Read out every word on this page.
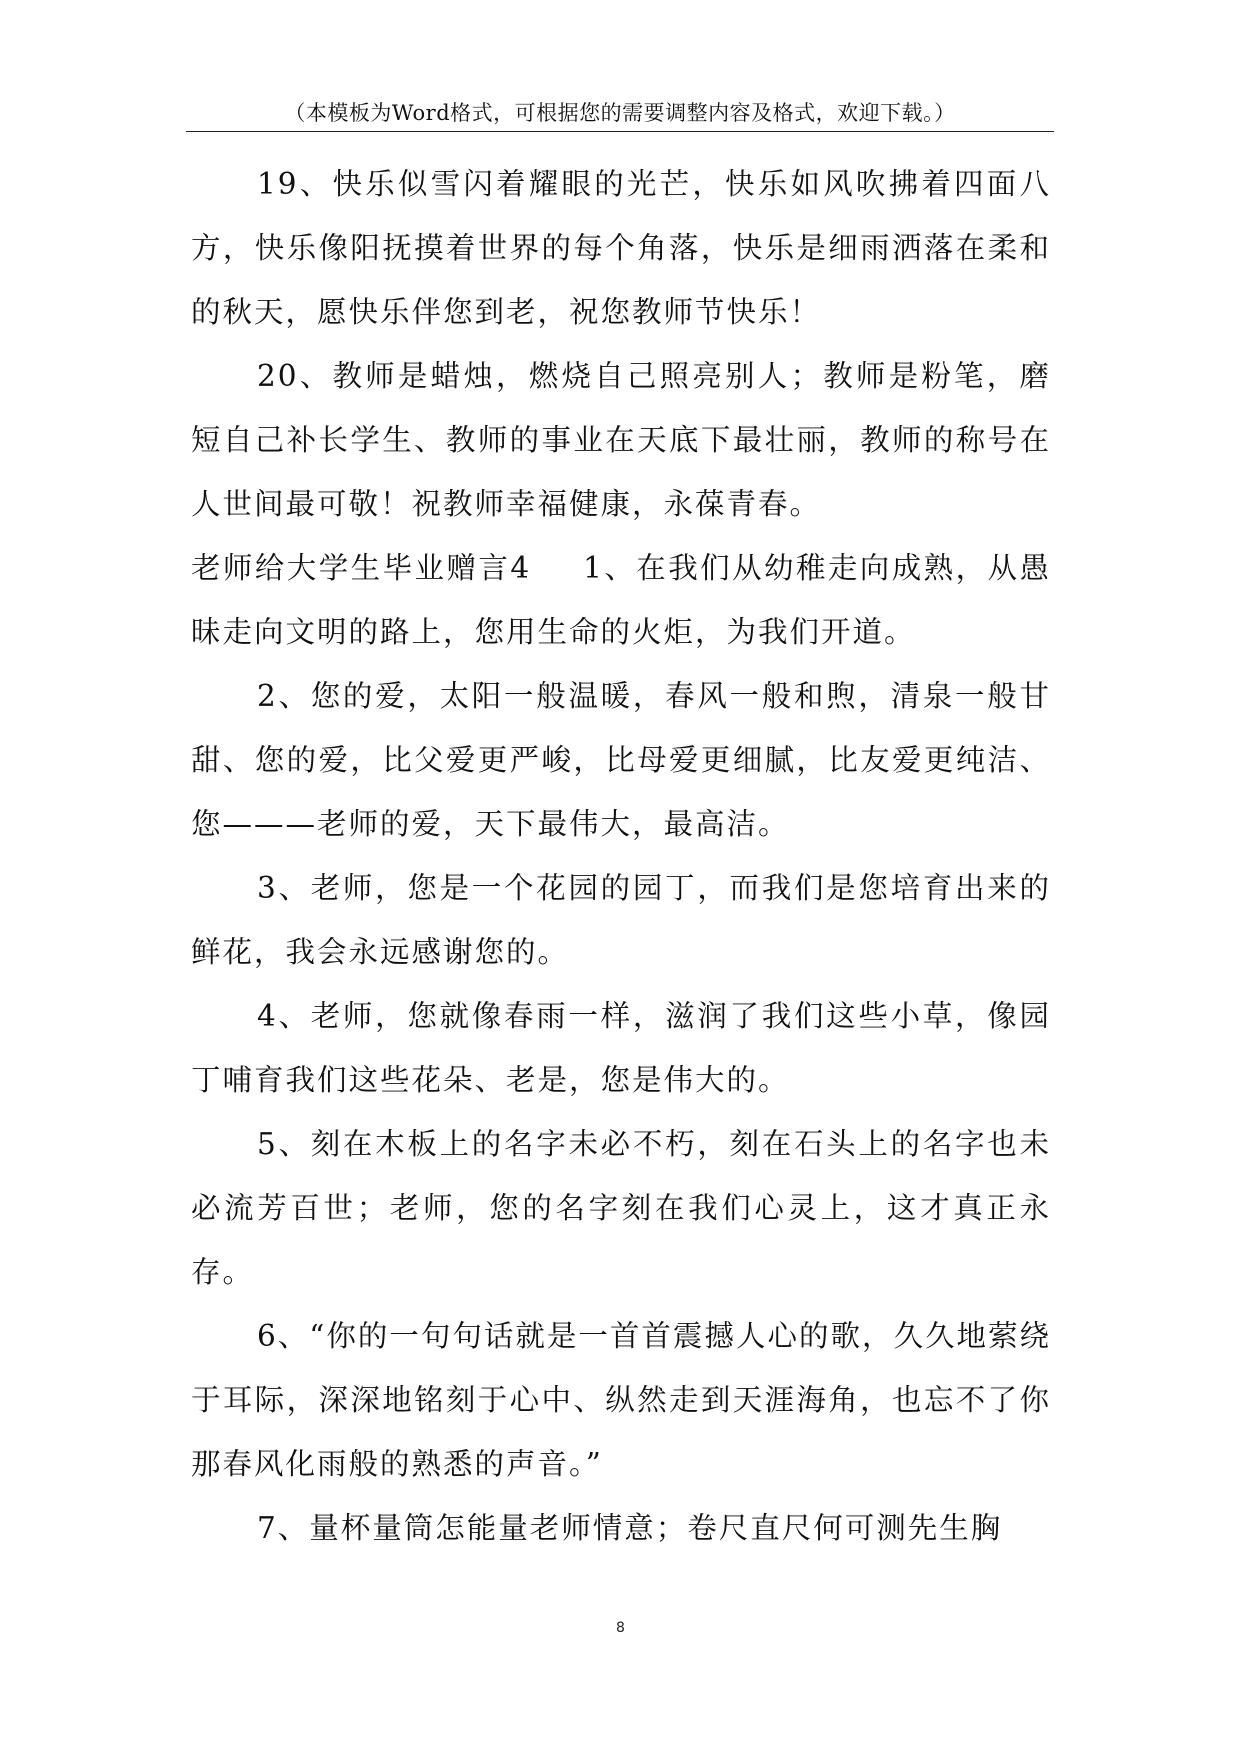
（本模板为Word格式，可根据您的需要调整内容及格式，欢迎下载。）

19、快乐似雪闪着耀眼的光芒，快乐如风吹拂着四面八方，快乐像阳抚摸着世界的每个角落，快乐是细雨洒落在柔和的秋天，愿快乐伴您到老，祝您教师节快乐！

20、教师是蜡烛，燃烧自己照亮别人；教师是粉笔，磨短自己补长学生、教师的事业在天底下最壮丽，教师的称号在人世间最可敬！祝教师幸福健康，永葆青春。

老师给大学生毕业赠言4 1、在我们从幼稚走向成熟，从愚昧走向文明的路上，您用生命的火炬，为我们开道。

2、您的爱，太阳一般温暖，春风一般和煦，清泉一般甘甜、您的爱，比父爱更严峻，比母爱更细腻，比友爱更纯洁、您———老师的爱，天下最伟大，最高洁。

3、老师，您是一个花园的园丁，而我们是您培育出来的鲜花，我会永远感谢您的。

4、老师，您就像春雨一样，滋润了我们这些小草，像园丁哺育我们这些花朵、老是，您是伟大的。

5、刻在木板上的名字未必不朽，刻在石头上的名字也未必流芳百世；老师，您的名字刻在我们心灵上，这才真正永存。

6、“你的一句句话就是一首首震撼人心的歌，久久地萦绕于耳际，深深地铭刻于心中、纵然走到天涯海角，也忘不了你那春风化雨般的熟悉的声音。”

7、量杯量筒怎能量老师情意；卷尺直尺何可测先生胸

8
